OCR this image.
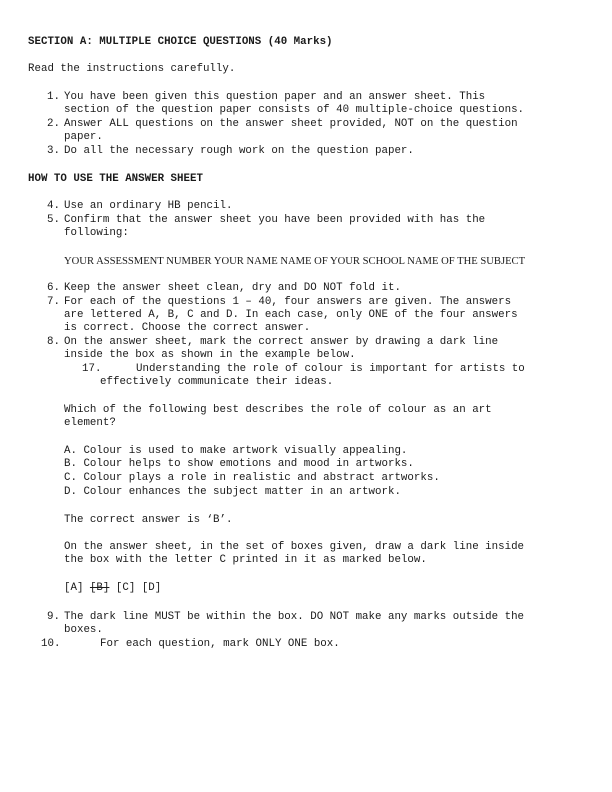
SECTION A: MULTIPLE CHOICE QUESTIONS (40 Marks)
Read the instructions carefully.
1. You have been given this question paper and an answer sheet. This
section of the question paper consists of 40 multiple-choice questions.
2. Answer ALL questions on the answer sheet provided, NOT on the question
paper.
3. Do all the necessary rough work on the question paper.
HOW TO USE THE ANSWER SHEET
4. Use an ordinary HB pencil.
5. Confirm that the answer sheet you have been provided with has the
following:
YOUR ASSESSMENT NUMBER YOUR NAME NAME OF YOUR SCHOOL NAME OF THE SUBJECT
6. Keep the answer sheet clean, dry and DO NOT fold it.
7. For each of the questions 1 – 40, four answers are given. The answers
are lettered A, B, C and D. In each case, only ONE of the four answers
is correct. Choose the correct answer.
8. On the answer sheet, mark the correct answer by drawing a dark line
inside the box as shown in the example below.
17.	Understanding the role of colour is important for artists to
effectively communicate their ideas.
Which of the following best describes the role of colour as an art
element?
A. Colour is used to make artwork visually appealing.
B. Colour helps to show emotions and mood in artworks.
C. Colour plays a role in realistic and abstract artworks.
D. Colour enhances the subject matter in an artwork.
The correct answer is ‘B’.
On the answer sheet, in the set of boxes given, draw a dark line inside
the box with the letter C printed in it as marked below.
[A] [B] [C] [D]
9. The dark line MUST be within the box. DO NOT make any marks outside the
boxes.
10.	For each question, mark ONLY ONE box.
